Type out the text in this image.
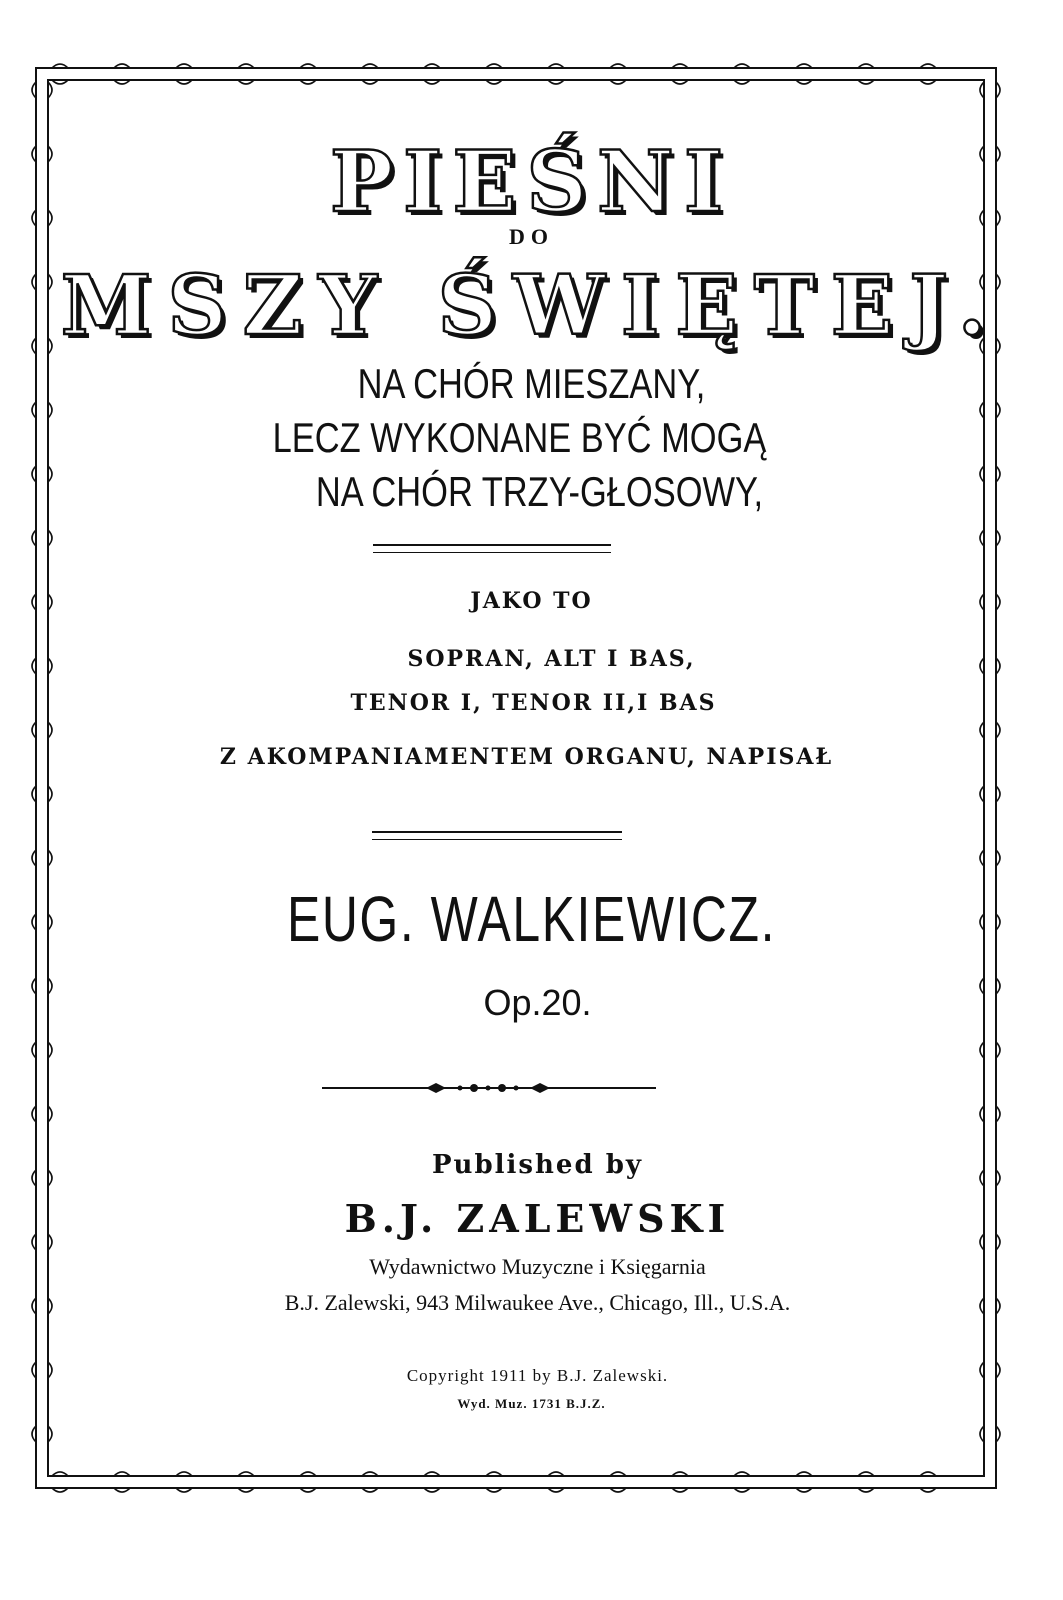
PIEŚNI
DO
MSZY ŚWIĘTEJ.
NA CHÓR MIESZANY,
LECZ WYKONANE BYĆ MOGĄ
NA CHÓR TRZY-GŁOSOWY,
JAKO TO
SOPRAN, ALT I BAS,
TENOR I, TENOR II,I BAS
Z AKOMPANIAMENTEM ORGANU, NAPISAŁ
EUG. WALKIEWICZ.
Op.20.
Published by
B.J. ZALEWSKI
Wydawnictwo Muzyczne i Księgarnia
B.J. Zalewski, 943 Milwaukee Ave., Chicago, Ill., U.S.A.
Copyright 1911 by B.J. Zalewski.
Wyd. Muz. 1731 B.J.Z.
